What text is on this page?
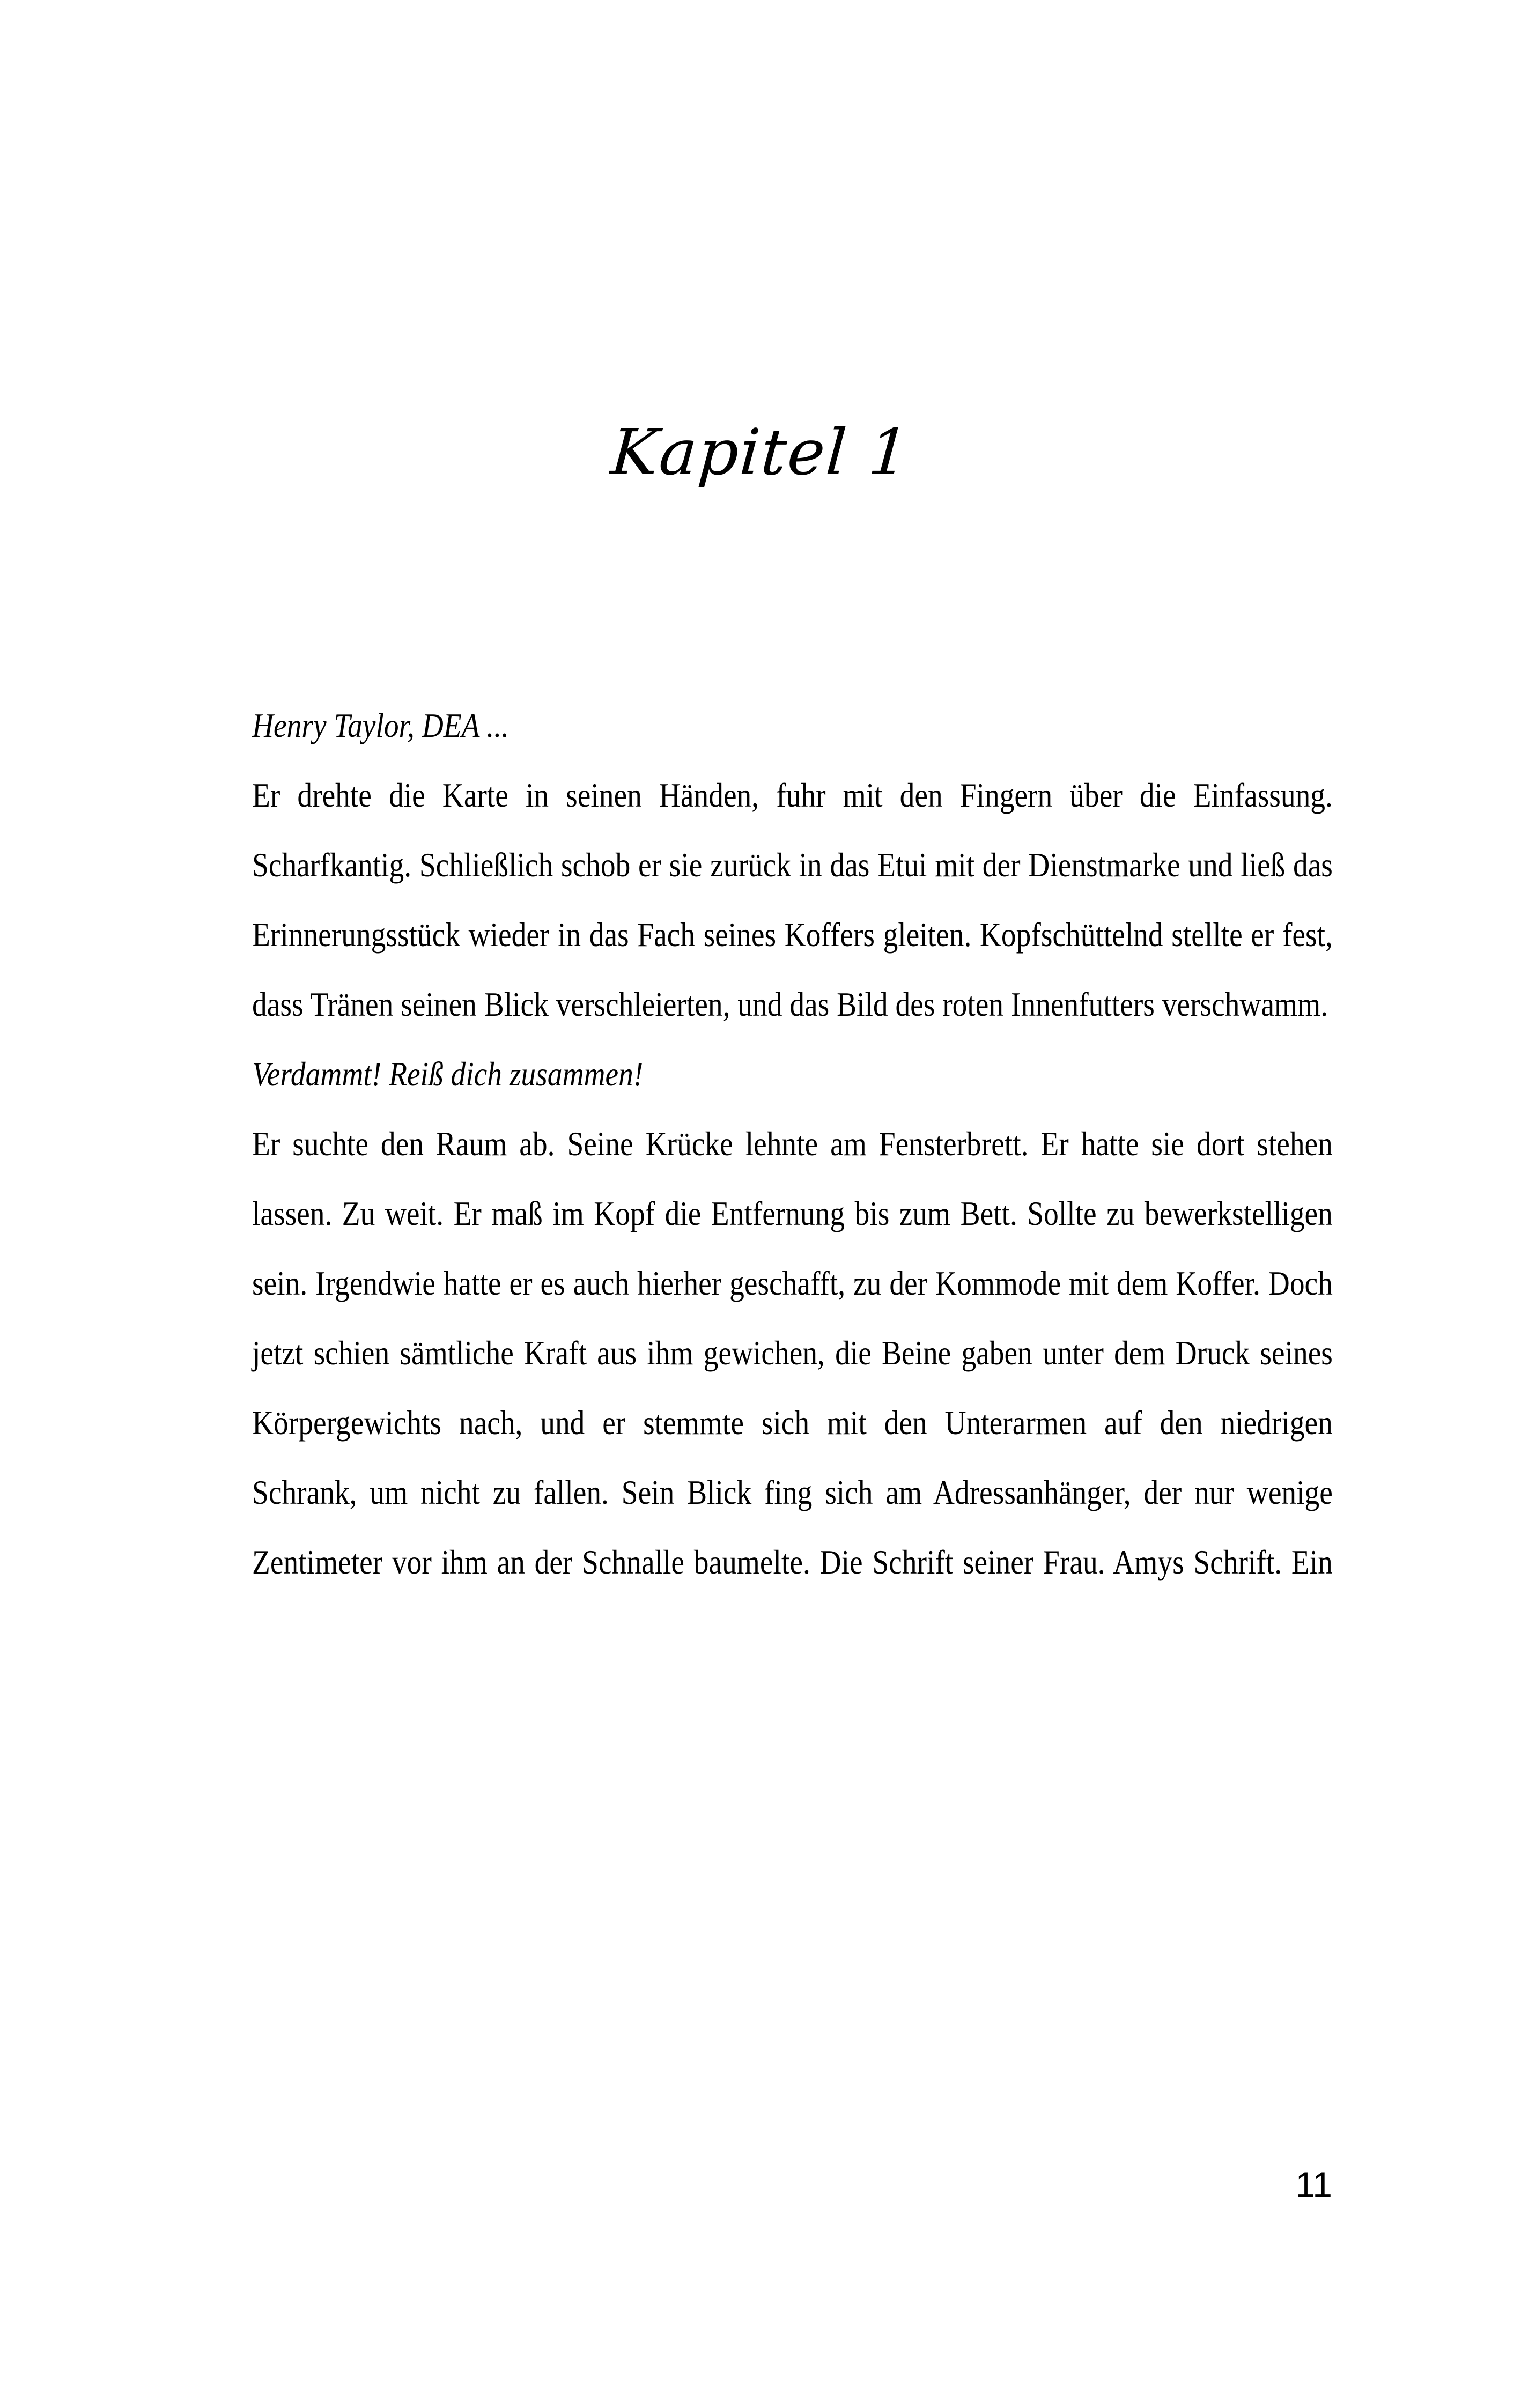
Kapitel 1

Henry Taylor, DEA ...

Er drehte die Karte in seinen Händen, fuhr mit den Fingern über die Einfassung. Scharfkantig. Schließlich schob er sie zurück in das Etui mit der Dienstmarke und ließ das Erinnerungsstück wieder in das Fach seines Koffers gleiten. Kopfschüttelnd stellte er fest, dass Tränen seinen Blick verschleierten, und das Bild des roten Innenfutters verschwamm.

Verdammt! Reiß dich zusammen!

Er suchte den Raum ab. Seine Krücke lehnte am Fensterbrett. Er hatte sie dort stehen lassen. Zu weit. Er maß im Kopf die Entfernung bis zum Bett. Sollte zu bewerkstelligen sein. Irgendwie hatte er es auch hierher geschafft, zu der Kommode mit dem Koffer. Doch jetzt schien sämtliche Kraft aus ihm gewichen, die Beine gaben unter dem Druck seines Körpergewichts nach, und er stemmte sich mit den Unterarmen auf den niedrigen Schrank, um nicht zu fallen. Sein Blick fing sich am Adressanhänger, der nur wenige Zentimeter vor ihm an der Schnalle baumelte. Die Schrift seiner Frau. Amys Schrift. Ein

11
